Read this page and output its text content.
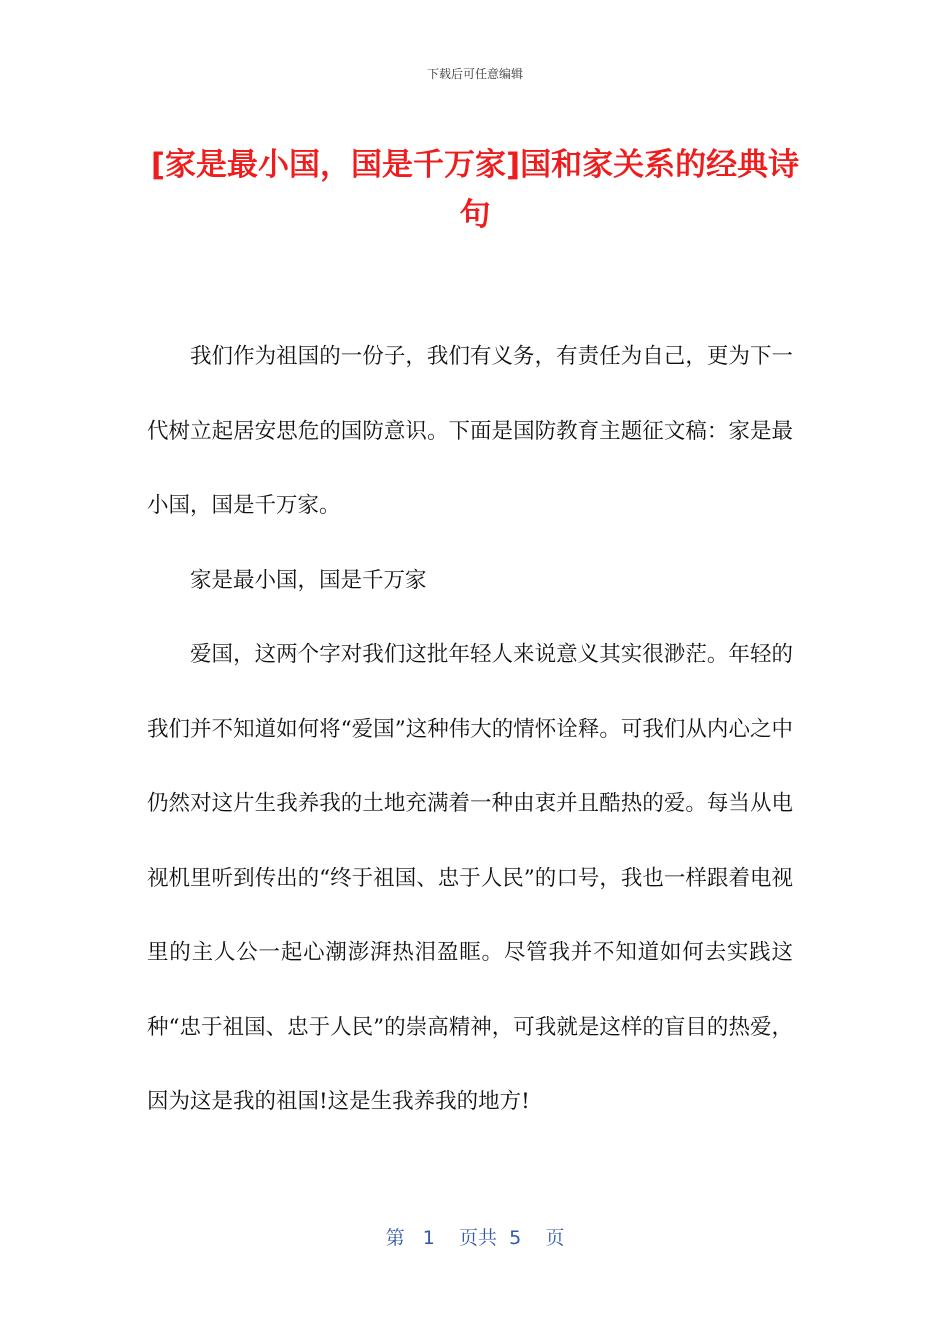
下载后可任意编辑
[家是最小国，国是千万家]国和家关系的经典诗句

我们作为祖国的一份子，我们有义务，有责任为自己，更为下一代树立起居安思危的国防意识。下面是国防教育主题征文稿：家是最小国，国是千万家。

家是最小国，国是千万家

爱国，这两个字对我们这批年轻人来说意义其实很渺茫。年轻的我们并不知道如何将“爱国”这种伟大的情怀诠释。可我们从内心之中仍然对这片生我养我的土地充满着一种由衷并且酷热的爱。每当从电视机里听到传出的“终于祖国、忠于人民”的口号，我也一样跟着电视里的主人公一起心潮澎湃热泪盈眶。尽管我并不知道如何去实践这种“忠于祖国、忠于人民”的崇高精神，可我就是这样的盲目的热爱，因为这是我的祖国!这是生我养我的地方!

第 1 页共 5 页
